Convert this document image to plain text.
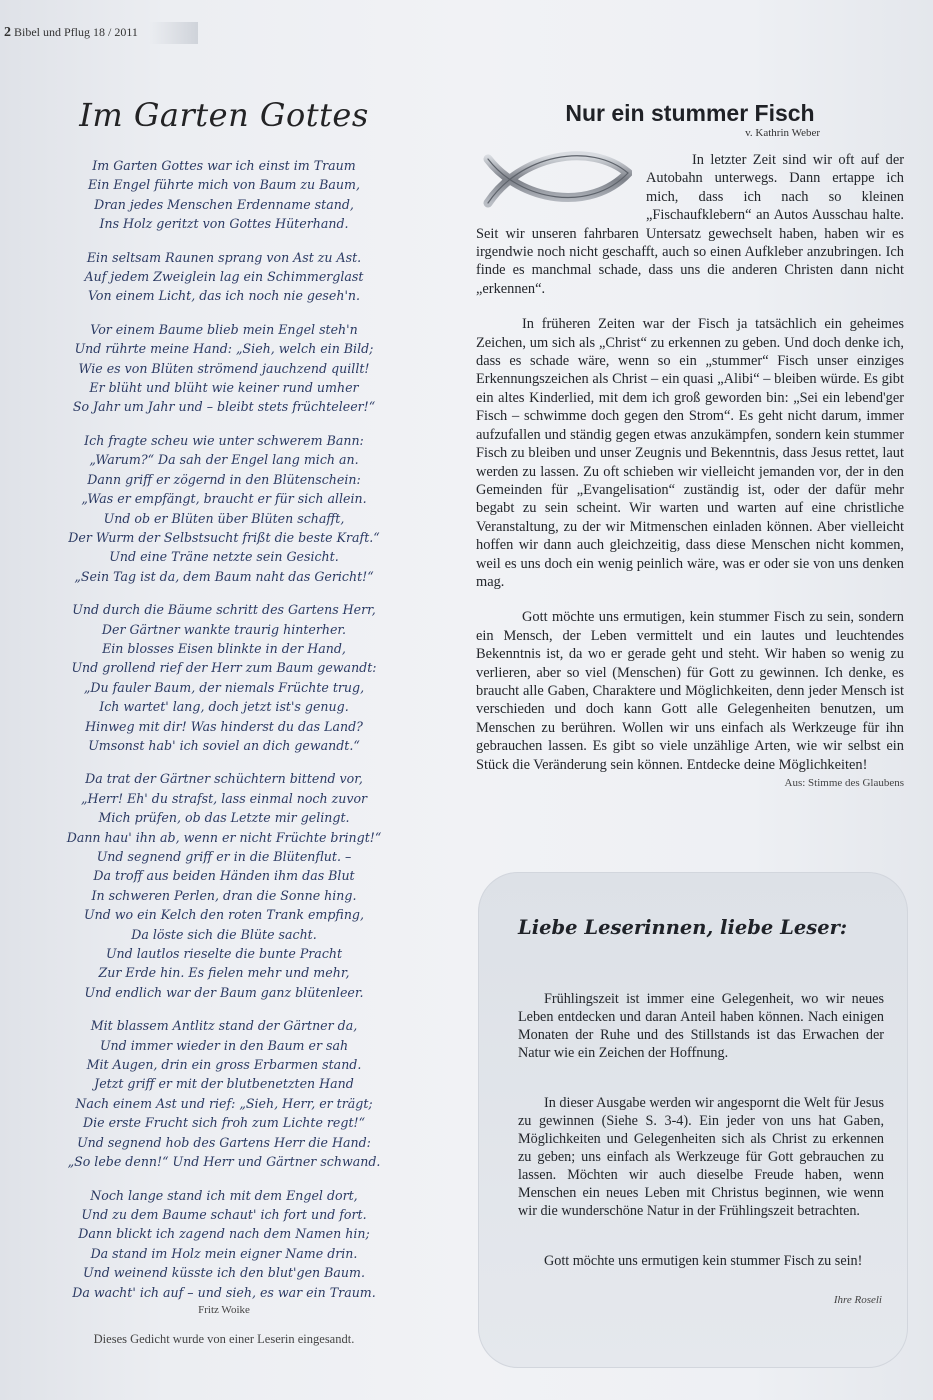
2 Bibel und Pflug 18 / 2011
Im Garten Gottes
Im Garten Gottes war ich einst im Traum
Ein Engel führte mich von Baum zu Baum,
Dran jedes Menschen Erdenname stand,
Ins Holz geritzt von Gottes Hüterhand.
Ein seltsam Raunen sprang von Ast zu Ast.
Auf jedem Zweiglein lag ein Schimmerglast
Von einem Licht, das ich noch nie geseh'n.
Vor einem Baume blieb mein Engel steh'n
Und rührte meine Hand: „Sieh, welch ein Bild;
Wie es von Blüten strömend jauchzend quillt!
Er blüht und blüht wie keiner rund umher
So Jahr um Jahr und – bleibt stets früchteleer!“
Ich fragte scheu wie unter schwerem Bann:
„Warum?“ Da sah der Engel lang mich an.
Dann griff er zögernd in den Blütenschein:
„Was er empfängt, braucht er für sich allein.
Und ob er Blüten über Blüten schafft,
Der Wurm der Selbstsucht frißt die beste Kraft.“
Und eine Träne netzte sein Gesicht.
„Sein Tag ist da, dem Baum naht das Gericht!“
Und durch die Bäume schritt des Gartens Herr,
Der Gärtner wankte traurig hinterher.
Ein blosses Eisen blinkte in der Hand,
Und grollend rief der Herr zum Baum gewandt:
„Du fauler Baum, der niemals Früchte trug,
Ich wartet' lang, doch jetzt ist's genug.
Hinweg mit dir! Was hinderst du das Land?
Umsonst hab' ich soviel an dich gewandt.“
Da trat der Gärtner schüchtern bittend vor,
„Herr! Eh' du strafst, lass einmal noch zuvor
Mich prüfen, ob das Letzte mir gelingt.
Dann hau' ihn ab, wenn er nicht Früchte bringt!“
Und segnend griff er in die Blütenflut. –
Da troff aus beiden Händen ihm das Blut
In schweren Perlen, dran die Sonne hing.
Und wo ein Kelch den roten Trank empfing,
Da löste sich die Blüte sacht.
Und lautlos rieselte die bunte Pracht
Zur Erde hin. Es fielen mehr und mehr,
Und endlich war der Baum ganz blütenleer.
Mit blassem Antlitz stand der Gärtner da,
Und immer wieder in den Baum er sah
Mit Augen, drin ein gross Erbarmen stand.
Jetzt griff er mit der blutbenetzten Hand
Nach einem Ast und rief: „Sieh, Herr, er trägt;
Die erste Frucht sich froh zum Lichte regt!“
Und segnend hob des Gartens Herr die Hand:
„So lebe denn!“ Und Herr und Gärtner schwand.
Noch lange stand ich mit dem Engel dort,
Und zu dem Baume schaut' ich fort und fort.
Dann blickt ich zagend nach dem Namen hin;
Da stand im Holz mein eigner Name drin.
Und weinend küsste ich den blut'gen Baum.
Da wacht' ich auf – und sieh, es war ein Traum.
Fritz Woike
Dieses Gedicht wurde von einer Leserin eingesandt.
Nur ein stummer Fisch
v. Kathrin Weber

In letzter Zeit sind wir oft auf der Autobahn unterwegs. Dann ertappe ich mich, dass ich nach so kleinen „Fischaufklebern“ an Autos Ausschau halte. Seit wir unseren fahrbaren Untersatz gewechselt haben, haben wir es irgendwie noch nicht geschafft, auch so einen Aufkleber anzubringen. Ich finde es manchmal schade, dass uns die anderen Christen dann nicht „erkennen“.

In früheren Zeiten war der Fisch ja tatsächlich ein geheimes Zeichen, um sich als „Christ“ zu erkennen zu geben. Und doch denke ich, dass es schade wäre, wenn so ein „stummer“ Fisch unser einziges Erkennungszeichen als Christ – ein quasi „Alibi“ – bleiben würde. Es gibt ein altes Kinderlied, mit dem ich groß geworden bin: „Sei ein lebend'ger Fisch – schwimme doch gegen den Strom“. Es geht nicht darum, immer aufzufallen und ständig gegen etwas anzukämpfen, sondern kein stummer Fisch zu bleiben und unser Zeugnis und Bekenntnis, dass Jesus rettet, laut werden zu lassen. Zu oft schieben wir vielleicht jemanden vor, der in den Gemeinden für „Evangelisation“ zuständig ist, oder der dafür mehr begabt zu sein scheint. Wir warten und warten auf eine christliche Veranstaltung, zu der wir Mitmenschen einladen können. Aber vielleicht hoffen wir dann auch gleichzeitig, dass diese Menschen nicht kommen, weil es uns doch ein wenig peinlich wäre, was er oder sie von uns denken mag.

Gott möchte uns ermutigen, kein stummer Fisch zu sein, sondern ein Mensch, der Leben vermittelt und ein lautes und leuchtendes Bekenntnis ist, da wo er gerade geht und steht. Wir haben so wenig zu verlieren, aber so viel (Menschen) für Gott zu gewinnen. Ich denke, es braucht alle Gaben, Charaktere und Möglichkeiten, denn jeder Mensch ist verschieden und doch kann Gott alle Gelegenheiten benutzen, um Menschen zu berühren. Wollen wir uns einfach als Werkzeuge für ihn gebrauchen lassen. Es gibt so viele unzählige Arten, wie wir selbst ein Stück die Veränderung sein können. Entdecke deine Möglichkeiten!

Aus: Stimme des Glaubens
Liebe Leserinnen, liebe Leser:

Frühlingszeit ist immer eine Gelegenheit, wo wir neues Leben entdecken und daran Anteil haben können. Nach einigen Monaten der Ruhe und des Stillstands ist das Erwachen der Natur wie ein Zeichen der Hoffnung.

In dieser Ausgabe werden wir angespornt die Welt für Jesus zu gewinnen (Siehe S. 3-4). Ein jeder von uns hat Gaben, Möglichkeiten und Gelegenheiten sich als Christ zu erkennen zu geben; uns einfach als Werkzeuge für Gott gebrauchen zu lassen. Möchten wir auch dieselbe Freude haben, wenn Menschen ein neues Leben mit Christus beginnen, wie wenn wir die wunderschöne Natur in der Frühlingszeit betrachten.

Gott möchte uns ermutigen kein stummer Fisch zu sein!

Ihre Roseli
